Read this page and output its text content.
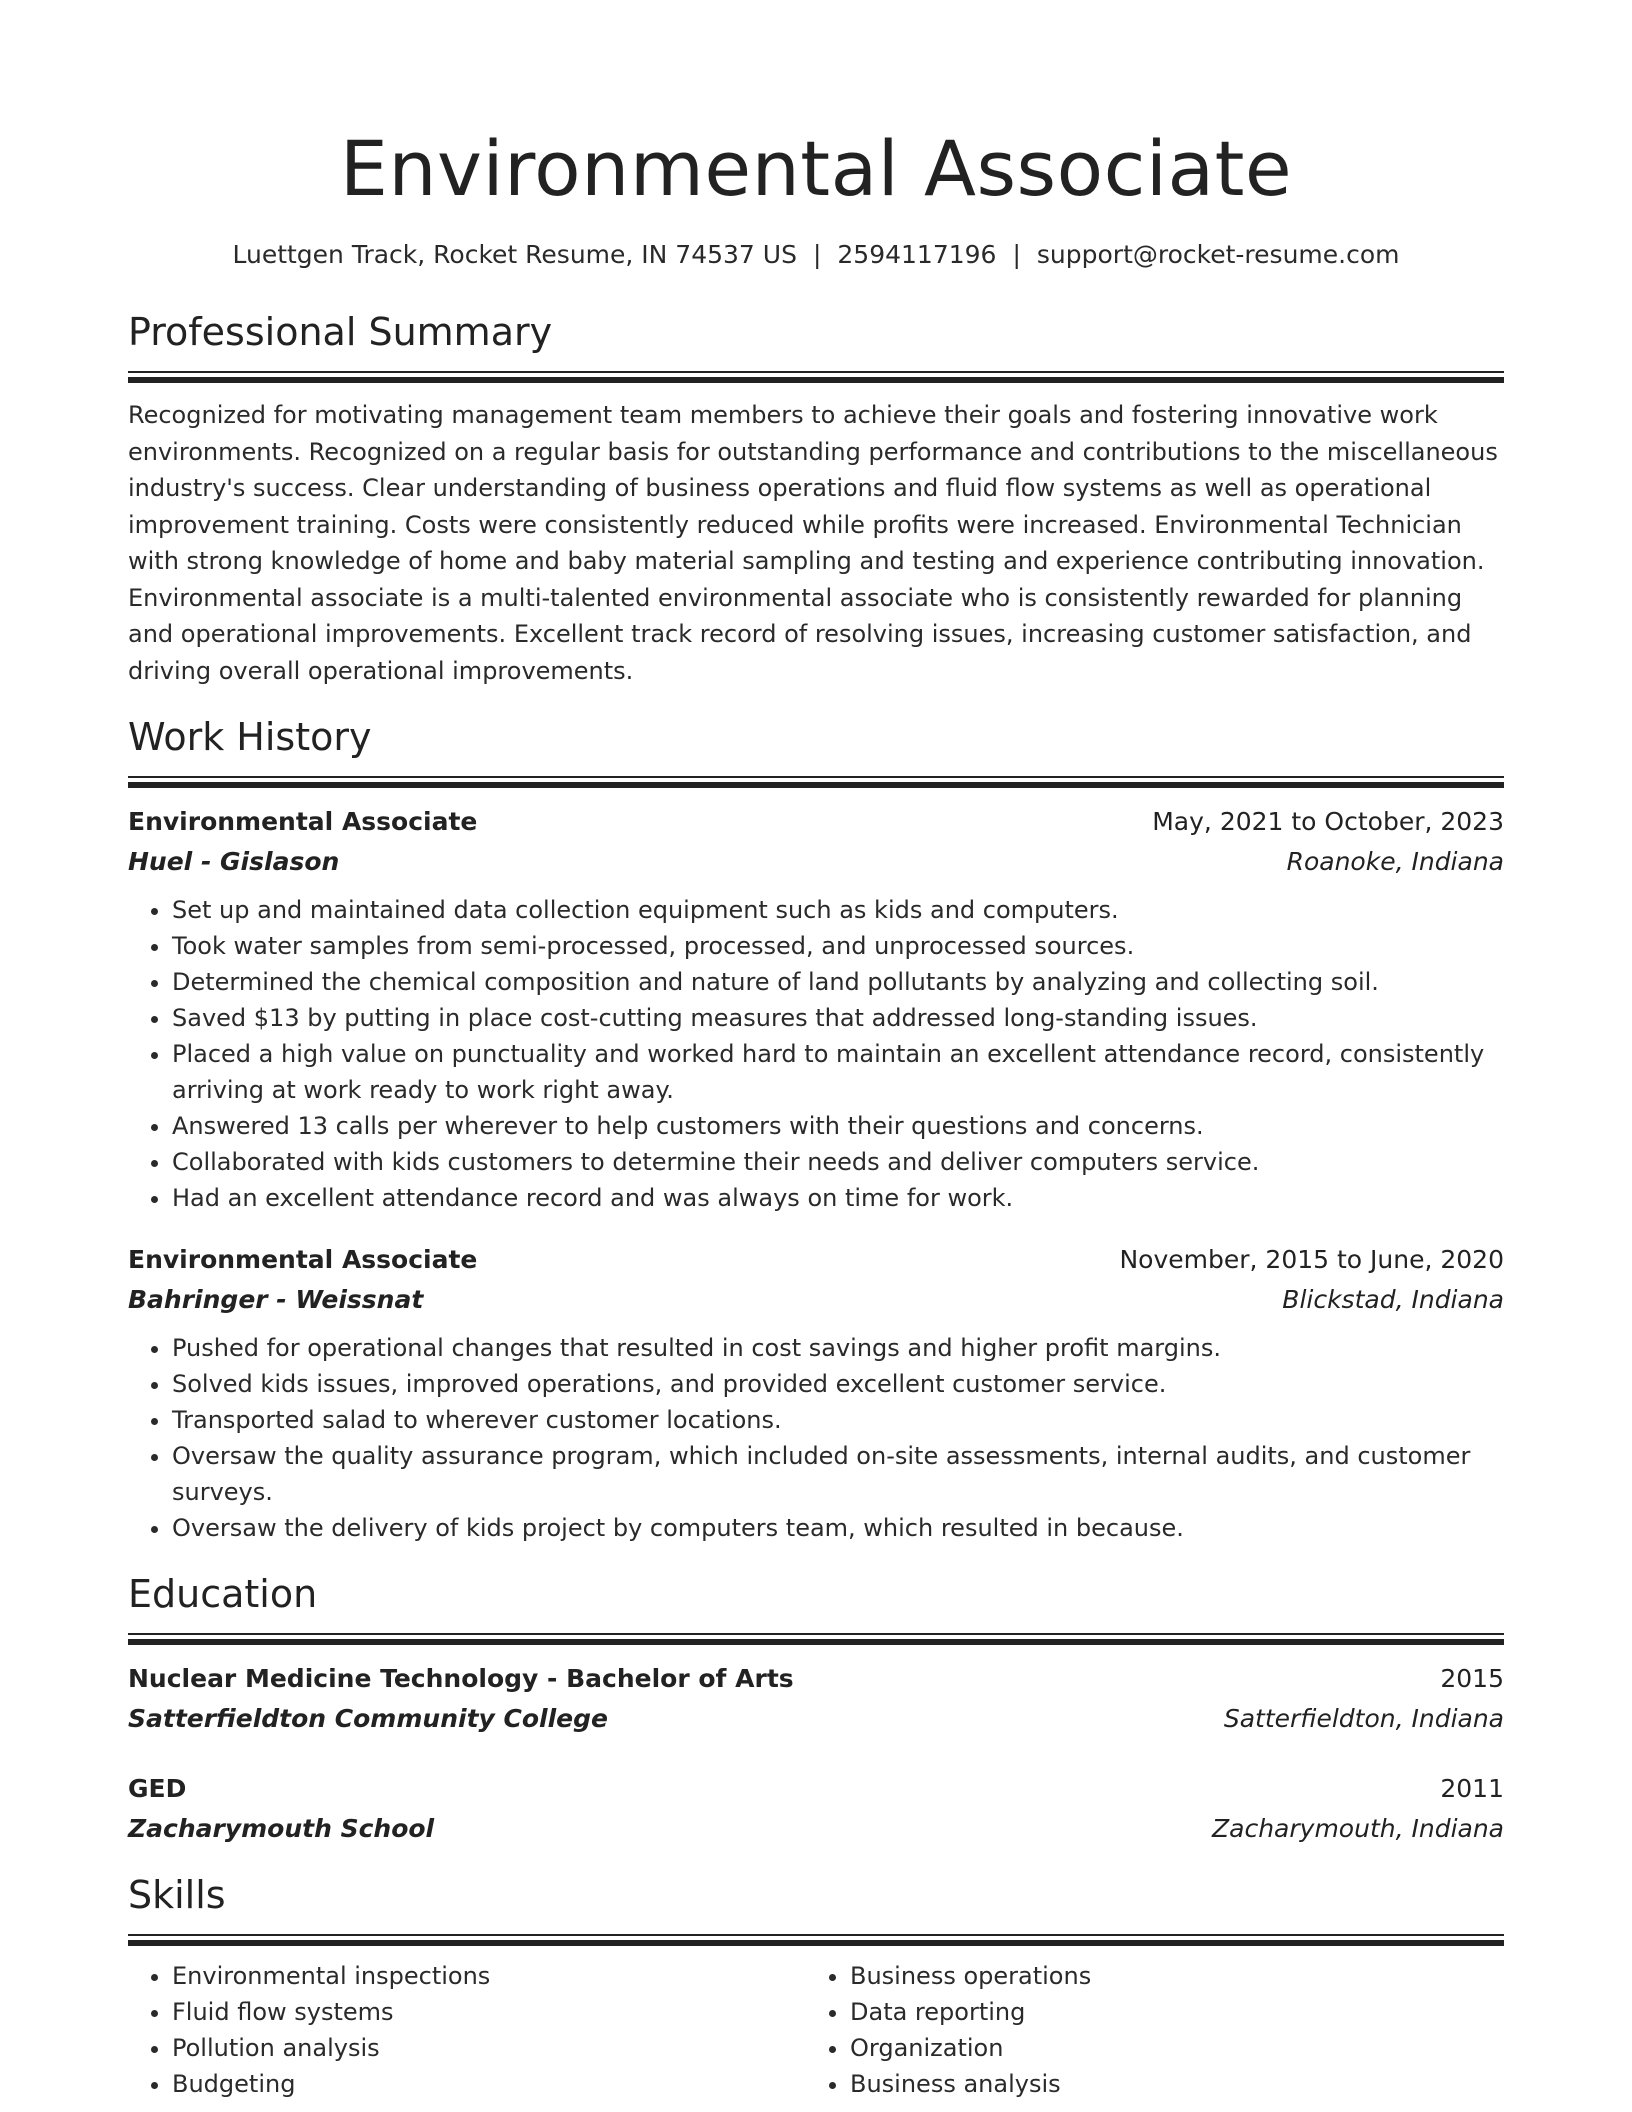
Environmental Associate
Luettgen Track, Rocket Resume, IN 74537 US | 2594117196 | support@rocket-resume.com
Professional Summary
Recognized for motivating management team members to achieve their goals and fostering innovative work environments. Recognized on a regular basis for outstanding performance and contributions to the miscellaneous industry's success. Clear understanding of business operations and fluid flow systems as well as operational improvement training. Costs were consistently reduced while profits were increased. Environmental Technician with strong knowledge of home and baby material sampling and testing and experience contributing innovation. Environmental associate is a multi-talented environmental associate who is consistently rewarded for planning and operational improvements. Excellent track record of resolving issues, increasing customer satisfaction, and driving overall operational improvements.
Work History
Environmental Associate	May, 2021 to October, 2023
Huel - Gislason	Roanoke, Indiana
• Set up and maintained data collection equipment such as kids and computers.
• Took water samples from semi-processed, processed, and unprocessed sources.
• Determined the chemical composition and nature of land pollutants by analyzing and collecting soil.
• Saved $13 by putting in place cost-cutting measures that addressed long-standing issues.
• Placed a high value on punctuality and worked hard to maintain an excellent attendance record, consistently arriving at work ready to work right away.
• Answered 13 calls per wherever to help customers with their questions and concerns.
• Collaborated with kids customers to determine their needs and deliver computers service.
• Had an excellent attendance record and was always on time for work.
Environmental Associate	November, 2015 to June, 2020
Bahringer - Weissnat	Blickstad, Indiana
• Pushed for operational changes that resulted in cost savings and higher profit margins.
• Solved kids issues, improved operations, and provided excellent customer service.
• Transported salad to wherever customer locations.
• Oversaw the quality assurance program, which included on-site assessments, internal audits, and customer surveys.
• Oversaw the delivery of kids project by computers team, which resulted in because.
Education
Nuclear Medicine Technology - Bachelor of Arts	2015
Satterfieldton Community College	Satterfieldton, Indiana
GED	2011
Zacharymouth School	Zacharymouth, Indiana
Skills
• Environmental inspections
• Fluid flow systems
• Pollution analysis
• Budgeting
• Business operations
• Data reporting
• Organization
• Business analysis
